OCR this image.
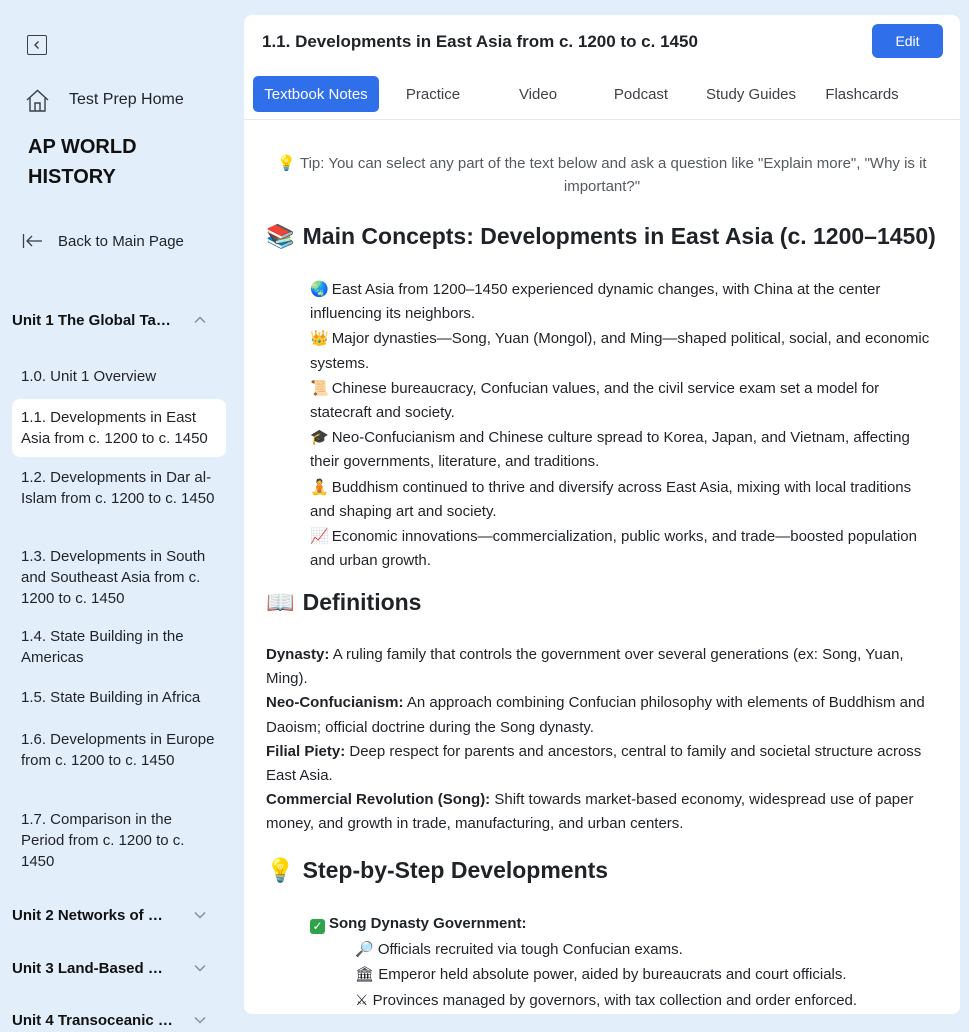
Test Prep Home
AP WORLD HISTORY
Back to Main Page
Unit 1 The Global Ta…
1.0. Unit 1 Overview
1.1. Developments in East Asia from c. 1200 to c. 1450
1.2. Developments in Dar al-Islam from c. 1200 to c. 1450
1.3. Developments in South and Southeast Asia from c. 1200 to c. 1450
1.4. State Building in the Americas
1.5. State Building in Africa
1.6. Developments in Europe from c. 1200 to c. 1450
1.7. Comparison in the Period from c. 1200 to c. 1450
Unit 2 Networks of …
Unit 3 Land-Based …
Unit 4 Transoceanic …
1.1. Developments in East Asia from c. 1200 to c. 1450	Edit
Textbook Notes	Practice	Video	Podcast	Study Guides Flashcards
💡 Tip: You can select any part of the text below and ask a question like "Explain more", "Why is it important?"
📚 Main Concepts: Developments in East Asia (c. 1200–1450)
🌏 East Asia from 1200–1450 experienced dynamic changes, with China at the center influencing its neighbors.
👑 Major dynasties—Song, Yuan (Mongol), and Ming—shaped political, social, and economic systems.
📜 Chinese bureaucracy, Confucian values, and the civil service exam set a model for statecraft and society.
🎓 Neo-Confucianism and Chinese culture spread to Korea, Japan, and Vietnam, affecting their governments, literature, and traditions.
🧘 Buddhism continued to thrive and diversify across East Asia, mixing with local traditions and shaping art and society.
📈 Economic innovations—commercialization, public works, and trade—boosted population and urban growth.
📖 Definitions
Dynasty: A ruling family that controls the government over several generations (ex: Song, Yuan, Ming).
Neo-Confucianism: An approach combining Confucian philosophy with elements of Buddhism and Daoism; official doctrine during the Song dynasty.
Filial Piety: Deep respect for parents and ancestors, central to family and societal structure across East Asia.
Commercial Revolution (Song): Shift towards market-based economy, widespread use of paper money, and growth in trade, manufacturing, and urban centers.
💡 Step-by-Step Developments
✓ Song Dynasty Government:
🔎 Officials recruited via tough Confucian exams.
🏛 Emperor held absolute power, aided by bureaucrats and court officials.
⚔ Provinces managed by governors, with tax collection and order enforced.
